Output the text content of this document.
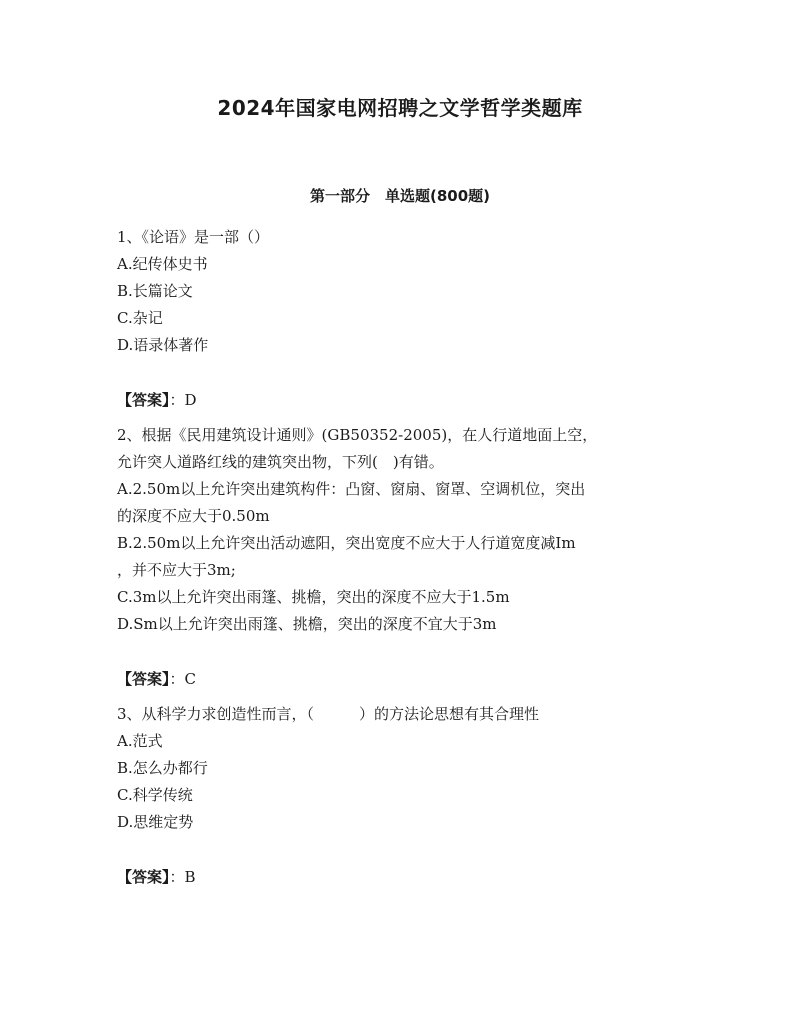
2024年国家电网招聘之文学哲学类题库
第一部分　单选题(800题)
1、《论语》是一部（）
A.纪传体史书
B.长篇论文
C.杂记
D.语录体著作
【答案】：D
2、根据《民用建筑设计通则》(GB50352-2005)，在人行道地面上空，
允许突人道路红线的建筑突出物，下列(　)有错。
A.2.50m以上允许突出建筑构件：凸窗、窗扇、窗罩、空调机位，突出
的深度不应大于0.50m
B.2.50m以上允许突出活动遮阳，突出宽度不应大于人行道宽度减Im
，并不应大于3m;
C.3m以上允许突出雨篷、挑檐，突出的深度不应大于1.5m
D.Sm以上允许突出雨篷、挑檐，突出的深度不宜大于3m
【答案】：C
3、从科学力求创造性而言，（　　　）的方法论思想有其合理性
A.范式
B.怎么办都行
C.科学传统
D.思维定势
【答案】：B
